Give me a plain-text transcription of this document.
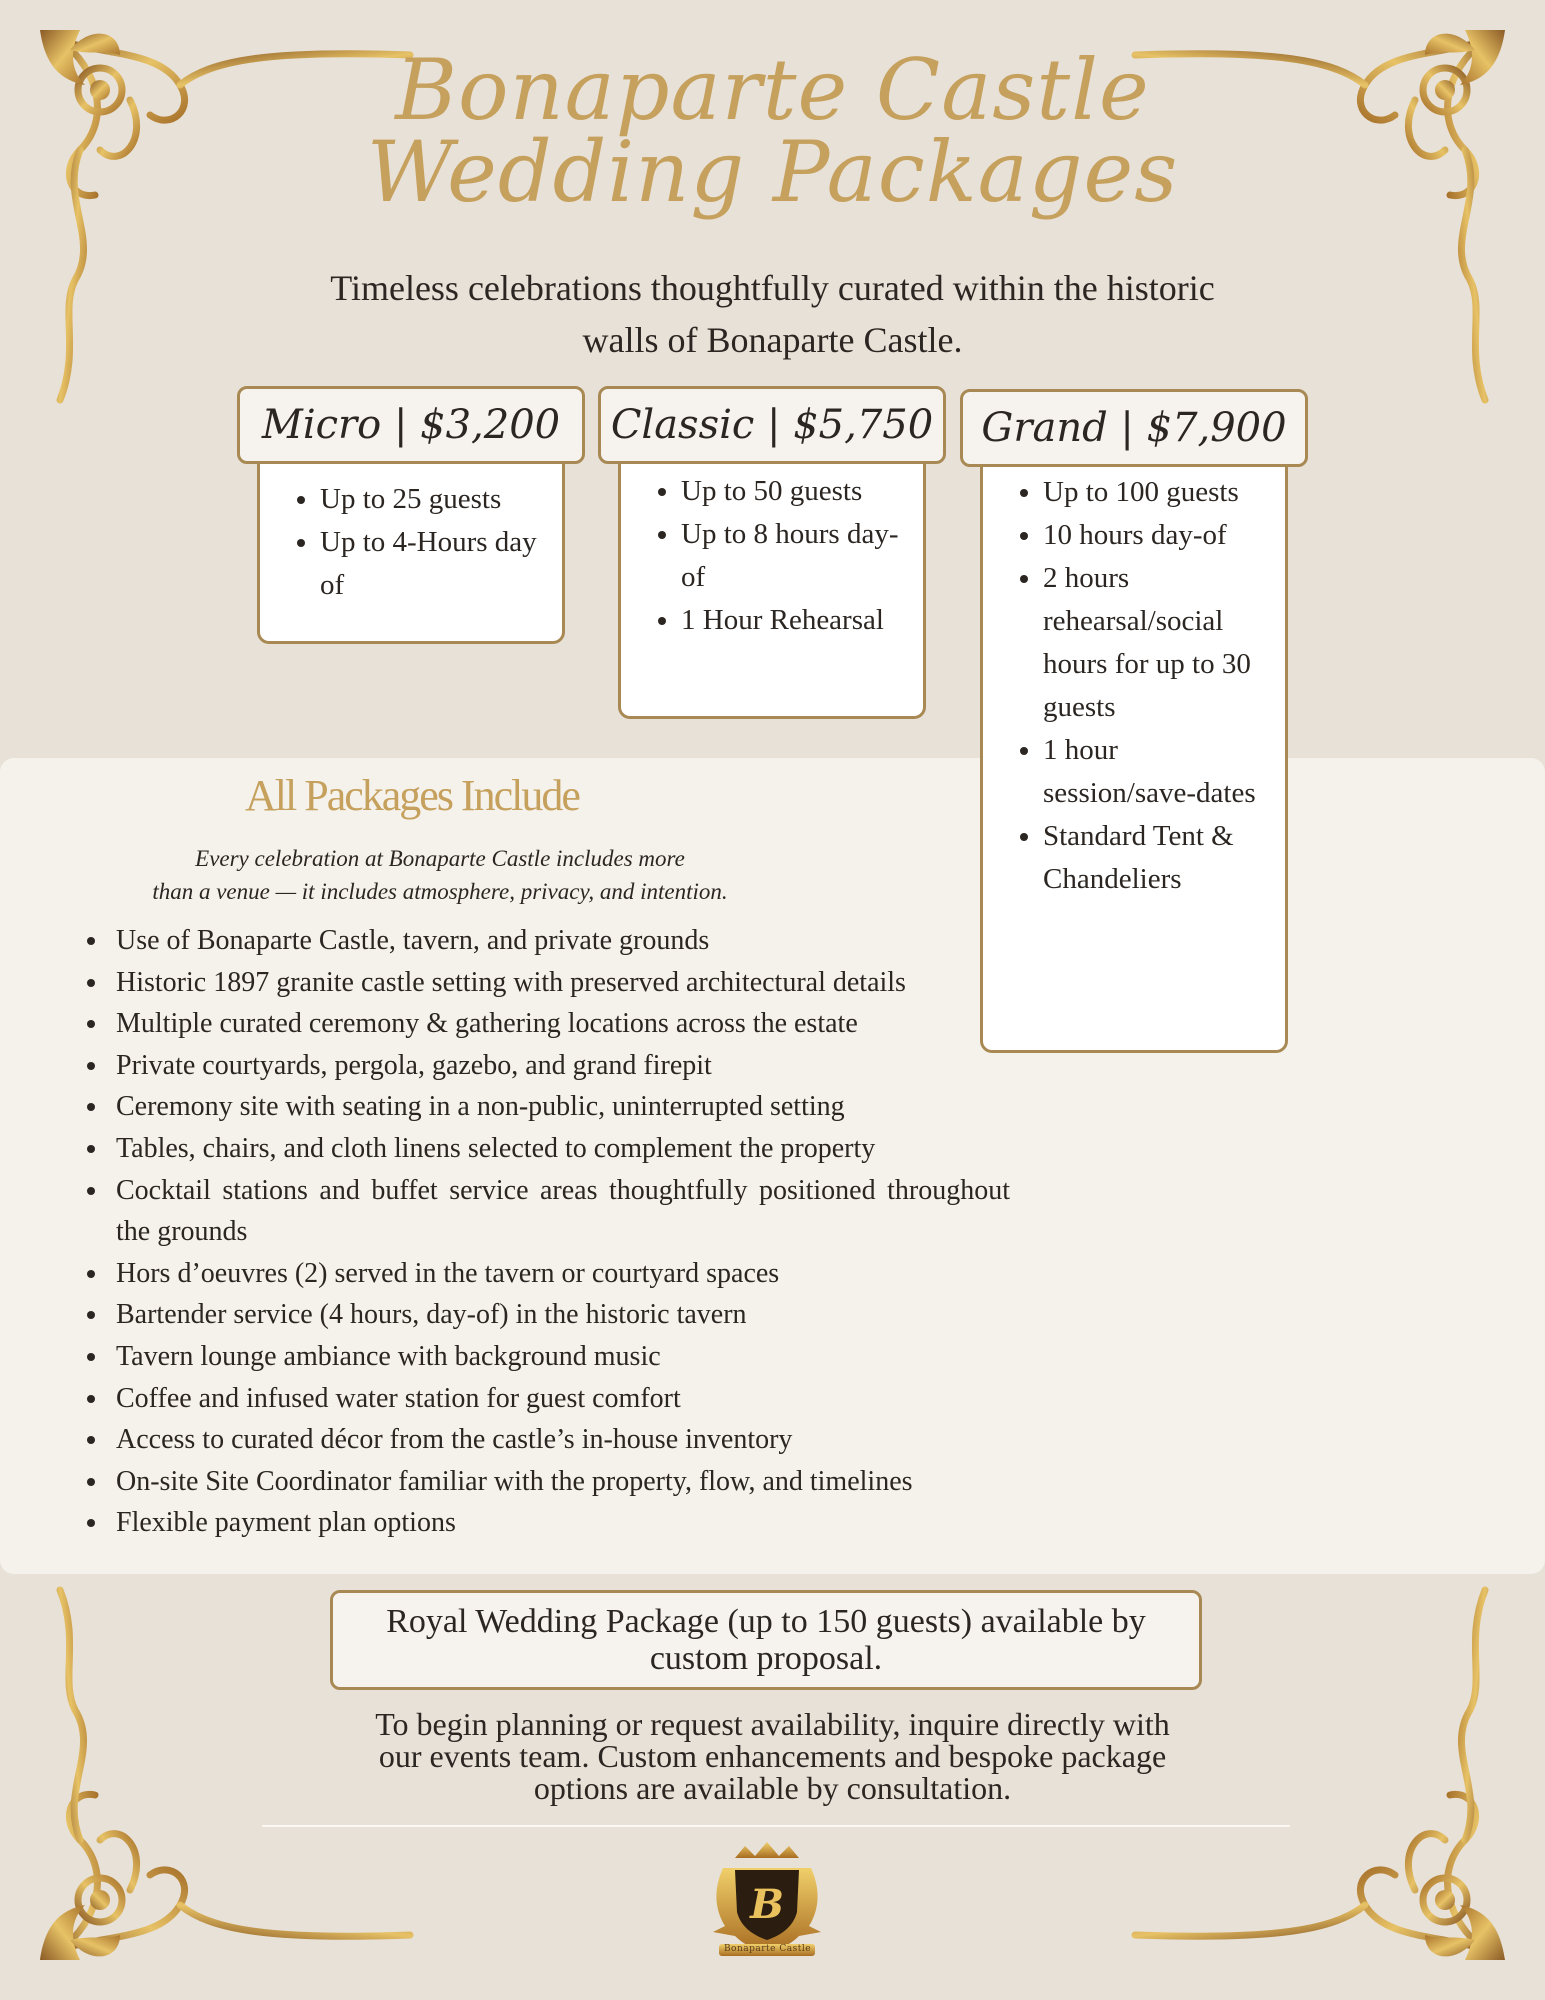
Bonaparte Castle
Wedding Packages
Timeless celebrations thoughtfully curated within the historic walls of Bonaparte Castle.
Micro | $3,200
• Up to 25 guests
• Up to 4-Hours day of
Classic | $5,750
• Up to 50 guests
• Up to 8 hours day-of
• 1 Hour Rehearsal
Grand | $7,900
• Up to 100 guests
• 10 hours day-of
• 2 hours rehearsal/social hours for up to 30 guests
• 1 hour session/save-dates
• Standard Tent & Chandeliers
All Packages Include
Every celebration at Bonaparte Castle includes more
than a venue — it includes atmosphere, privacy, and intention.
• Use of Bonaparte Castle, tavern, and private grounds
• Historic 1897 granite castle setting with preserved architectural details
• Multiple curated ceremony & gathering locations across the estate
• Private courtyards, pergola, gazebo, and grand firepit
• Ceremony site with seating in a non-public, uninterrupted setting
• Tables, chairs, and cloth linens selected to complement the property
• Cocktail stations and buffet service areas thoughtfully positioned throughout the grounds
• Hors d’oeuvres (2) served in the tavern or courtyard spaces
• Bartender service (4 hours, day-of) in the historic tavern
• Tavern lounge ambiance with background music
• Coffee and infused water station for guest comfort
• Access to curated décor from the castle’s in-house inventory
• On-site Site Coordinator familiar with the property, flow, and timelines
• Flexible payment plan options
Royal Wedding Package (up to 150 guests) available by custom proposal.
To begin planning or request availability, inquire directly with
our events team. Custom enhancements and bespoke package
options are available by consultation.
B
Bonaparte Castle
